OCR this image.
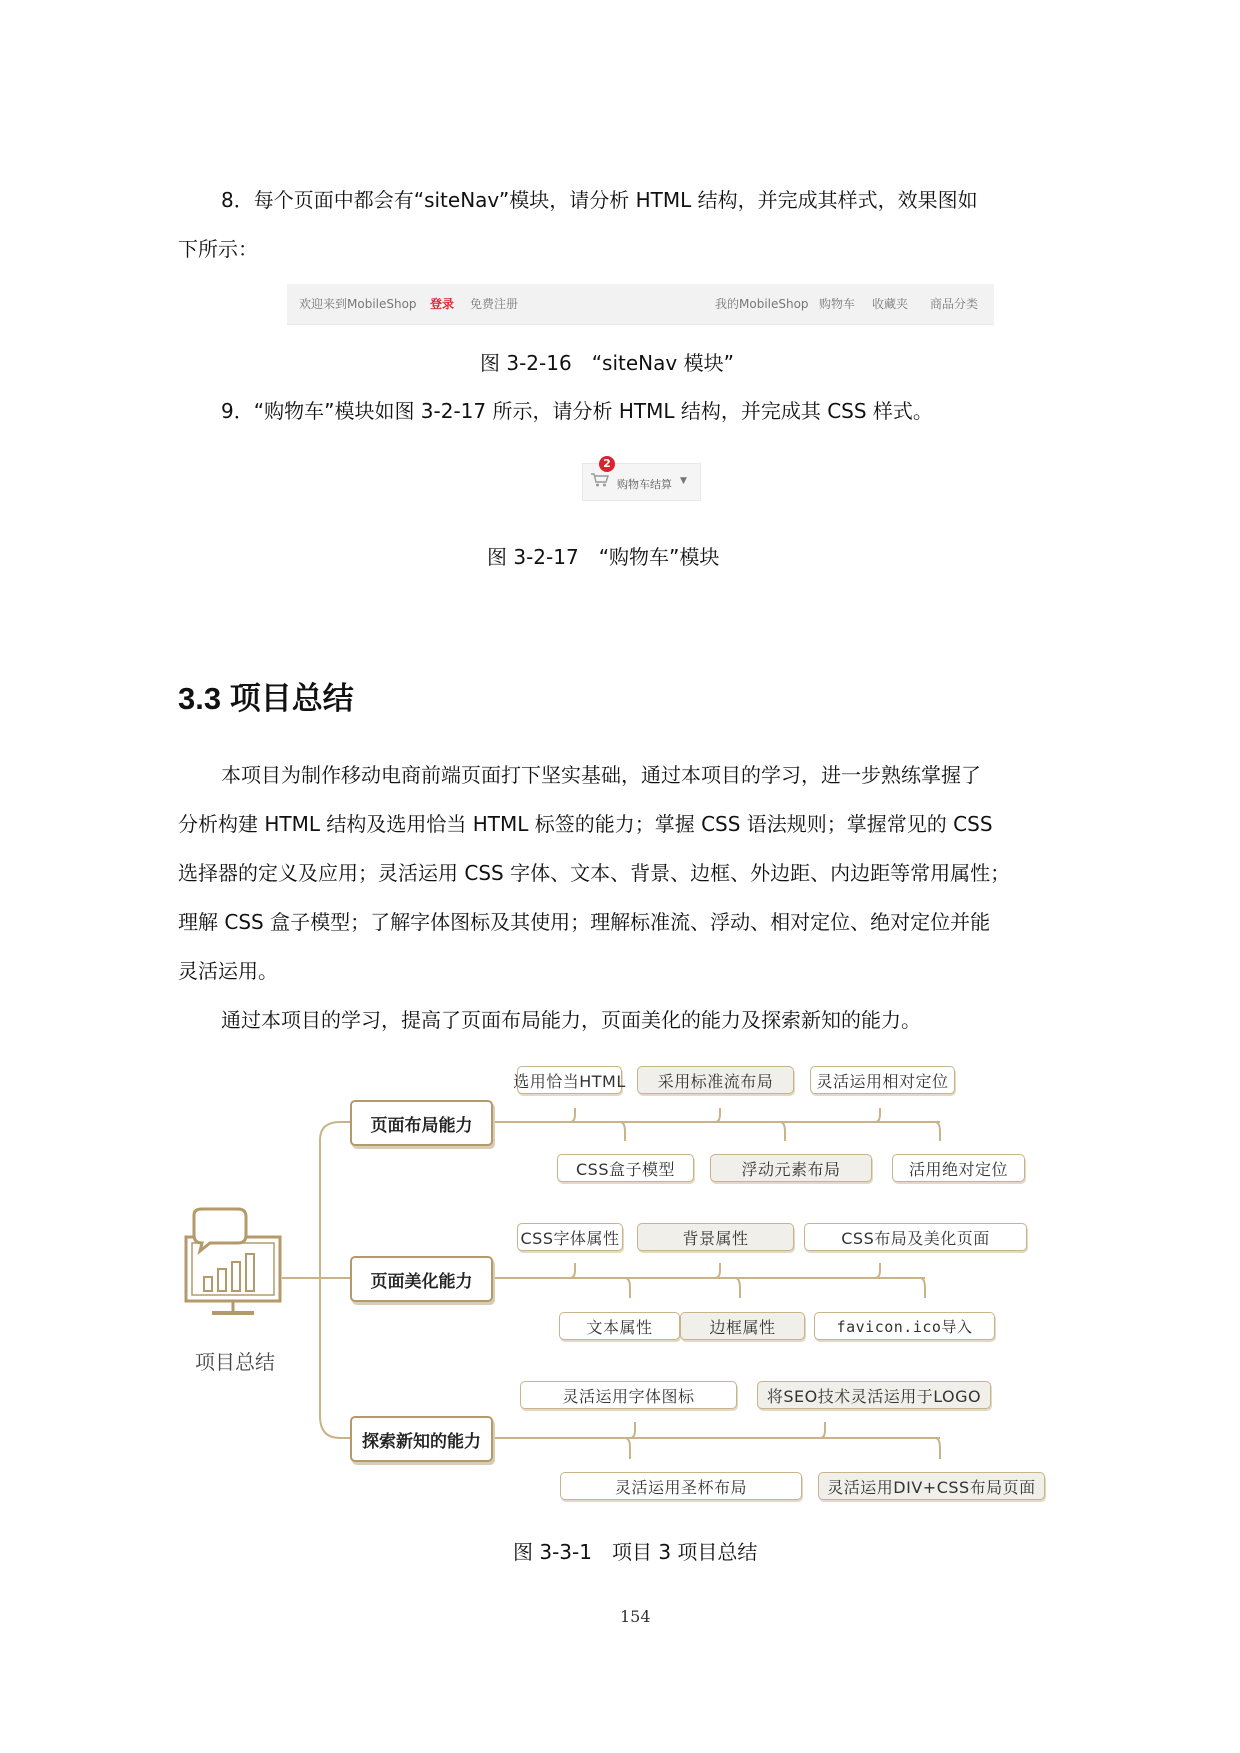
8．每个页面中都会有“siteNav”模块，请分析 HTML 结构，并完成其样式，效果图如
下所示：
欢迎来到MobileShop 登录 免费注册	我的MobileShop 购物车 收藏夹 商品分类
图 3-2-16　“siteNav 模块”
9．“购物车”模块如图 3-2-17 所示，请分析 HTML 结构，并完成其 CSS 样式。
2
购物车结算 ▼
图 3-2-17　“购物车”模块
3.3 项目总结
本项目为制作移动电商前端页面打下坚实基础，通过本项目的学习，进一步熟练掌握了
分析构建 HTML 结构及选用恰当 HTML 标签的能力；掌握 CSS 语法规则；掌握常见的 CSS
选择器的定义及应用；灵活运用 CSS 字体、文本、背景、边框、外边距、内边距等常用属性；
理解 CSS 盒子模型；了解字体图标及其使用；理解标准流、浮动、相对定位、绝对定位并能
灵活运用。
通过本项目的学习，提高了页面布局能力，页面美化的能力及探索新知的能力。
项目总结
页面布局能力
选用恰当HTML	采用标准流布局	灵活运用相对定位
CSS盒子模型	浮动元素布局	活用绝对定位
页面美化能力
CSS字体属性	背景属性	CSS布局及美化页面
文本属性	边框属性	favicon.ico导入
探索新知的能力
灵活运用字体图标	将SEO技术灵活运用于LOGO
灵活运用圣杯布局	灵活运用DIV+CSS布局页面
图 3-3-1　项目 3 项目总结
154
